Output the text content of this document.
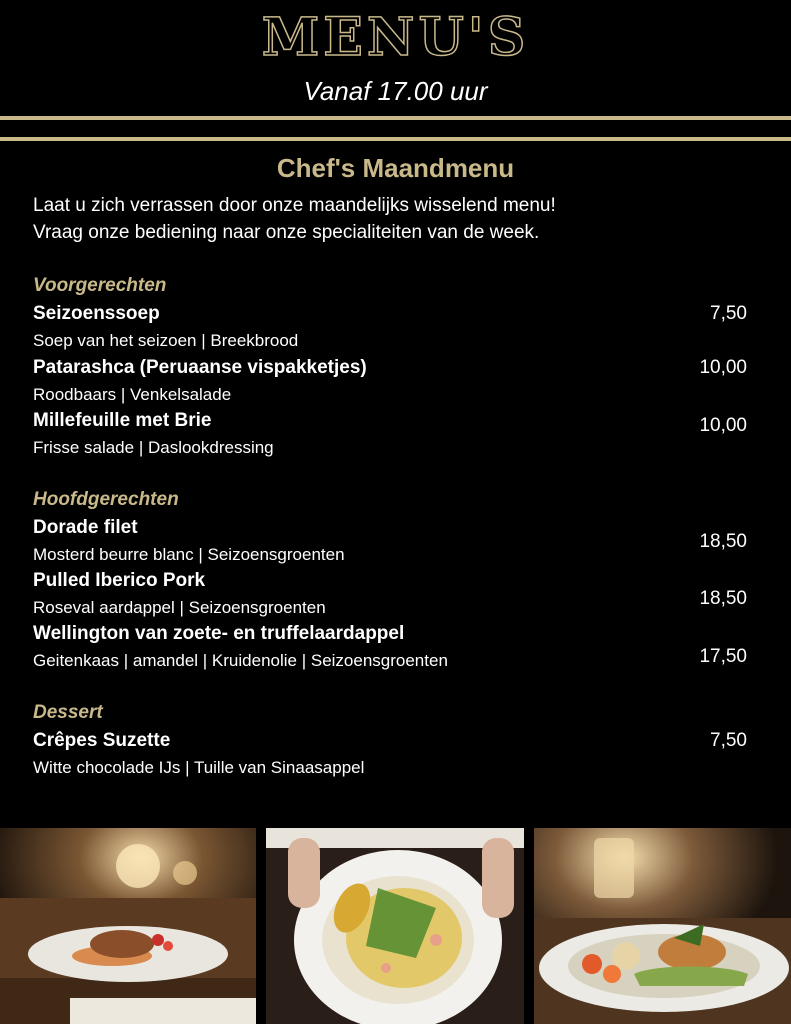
MENU'S
Vanaf 17.00 uur
Chef's Maandmenu
Laat u zich verrassen door onze maandelijks wisselend menu!
Vraag onze bediening naar onze specialiteiten van de week.
Voorgerechten
Seizoenssoep
Soep van het seizoen | Breekbrood
7,50
Patarashca (Peruaanse vispakketjes)
Roodbaars | Venkelsalade
10,00
Millefeuille met Brie
Frisse salade | Daslookdressing
10,00
Hoofdgerechten
Dorade filet
Mosterd beurre blanc | Seizoensgroenten
18,50
Pulled Iberico Pork
Roseval aardappel | Seizoensgroenten	18,50
Wellington van zoete- en truffelaardappel
Geitenkaas | amandel | Kruidenolie | Seizoensgroenten	17,50
Dessert
Crêpes Suzette
Witte chocolade IJs | Tuille van Sinaasappel
7,50
